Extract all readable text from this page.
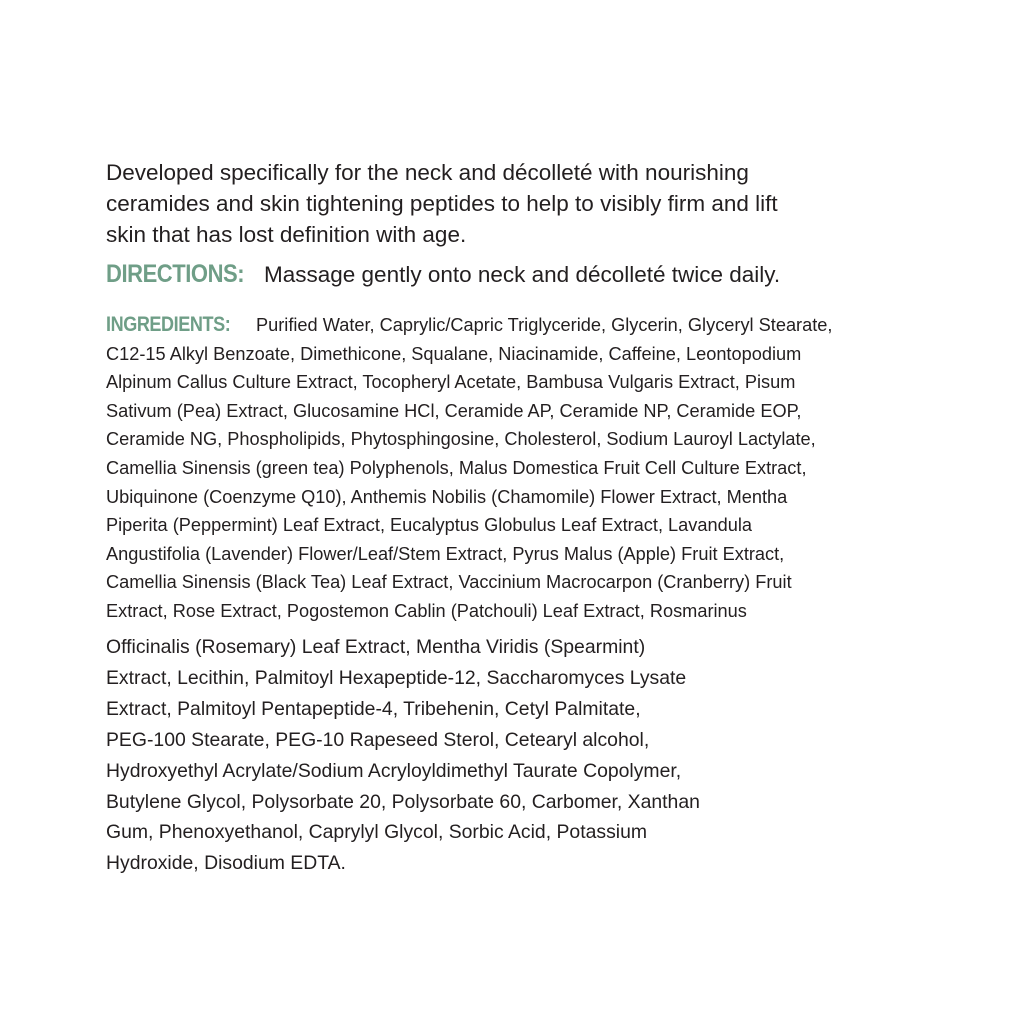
Developed specifically for the neck and décolleté with nourishing
ceramides and skin tightening peptides to help to visibly firm and lift
skin that has lost definition with age.

DIRECTIONS: Massage gently onto neck and décolleté twice daily.

INGREDIENTS: Purified Water, Caprylic/Capric Triglyceride, Glycerin, Glyceryl Stearate,
C12-15 Alkyl Benzoate, Dimethicone, Squalane, Niacinamide, Caffeine, Leontopodium
Alpinum Callus Culture Extract, Tocopheryl Acetate, Bambusa Vulgaris Extract, Pisum
Sativum (Pea) Extract, Glucosamine HCl, Ceramide AP, Ceramide NP, Ceramide EOP,
Ceramide NG, Phospholipids, Phytosphingosine, Cholesterol, Sodium Lauroyl Lactylate,
Camellia Sinensis (green tea) Polyphenols, Malus Domestica Fruit Cell Culture Extract,
Ubiquinone (Coenzyme Q10), Anthemis Nobilis (Chamomile) Flower Extract, Mentha
Piperita (Peppermint) Leaf Extract, Eucalyptus Globulus Leaf Extract, Lavandula
Angustifolia (Lavender) Flower/Leaf/Stem Extract, Pyrus Malus (Apple) Fruit Extract,
Camellia Sinensis (Black Tea) Leaf Extract, Vaccinium Macrocarpon (Cranberry) Fruit
Extract, Rose Extract, Pogostemon Cablin (Patchouli) Leaf Extract, Rosmarinus
Officinalis (Rosemary) Leaf Extract, Mentha Viridis (Spearmint)
Extract, Lecithin, Palmitoyl Hexapeptide-12, Saccharomyces Lysate
Extract, Palmitoyl Pentapeptide-4, Tribehenin, Cetyl Palmitate,
PEG-100 Stearate, PEG-10 Rapeseed Sterol, Cetearyl alcohol,
Hydroxyethyl Acrylate/Sodium Acryloyldimethyl Taurate Copolymer,
Butylene Glycol, Polysorbate 20, Polysorbate 60, Carbomer, Xanthan
Gum, Phenoxyethanol, Caprylyl Glycol, Sorbic Acid, Potassium
Hydroxide, Disodium EDTA.
